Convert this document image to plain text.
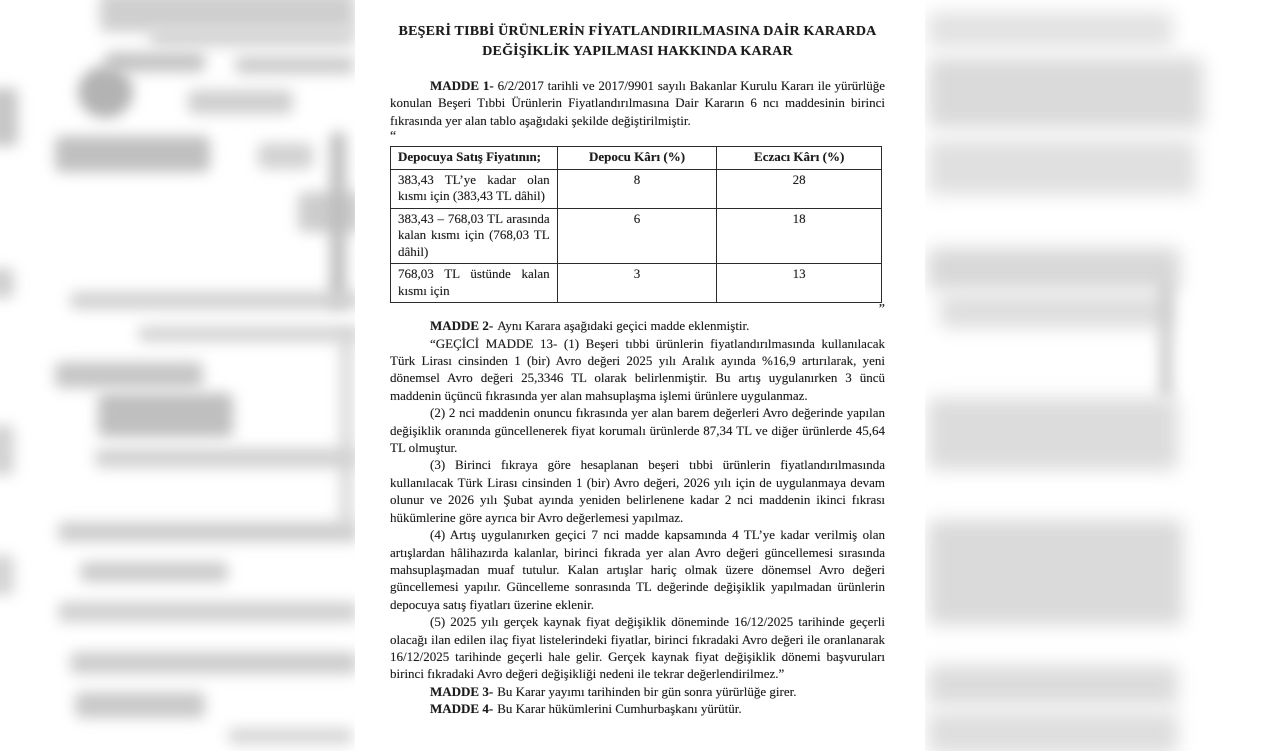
BEŞERİ TIBBİ ÜRÜNLERİN FİYATLANDIRILMASINA DAİR KARARDA
DEĞİŞİKLİK YAPILMASI HAKKINDA KARAR

MADDE 1- 6/2/2017 tarihli ve 2017/9901 sayılı Bakanlar Kurulu Kararı ile yürürlüğe konulan Beşeri Tıbbi Ürünlerin Fiyatlandırılmasına Dair Kararın 6 ncı maddesinin birinci fıkrasında yer alan tablo aşağıdaki şekilde değiştirilmiştir.

“

Depocuya Satış Fiyatının;	Depocu Kârı (%)	Eczacı Kârı (%)
383,43 TL’ye kadar olan kısmı için (383,43 TL dâhil)	8	28
383,43 – 768,03 TL arasında kalan kısmı için (768,03 TL dâhil)	6	18
768,03 TL üstünde kalan kısmı için	3	13

”

MADDE 2- Aynı Karara aşağıdaki geçici madde eklenmiştir.

“GEÇİCİ MADDE 13- (1) Beşeri tıbbi ürünlerin fiyatlandırılmasında kullanılacak Türk Lirası cinsinden 1 (bir) Avro değeri 2025 yılı Aralık ayında %16,9 artırılarak, yeni dönemsel Avro değeri 25,3346 TL olarak belirlenmiştir. Bu artış uygulanırken 3 üncü maddenin üçüncü fıkrasında yer alan mahsuplaşma işlemi ürünlere uygulanmaz.

(2) 2 nci maddenin onuncu fıkrasında yer alan barem değerleri Avro değerinde yapılan değişiklik oranında güncellenerek fiyat korumalı ürünlerde 87,34 TL ve diğer ürünlerde 45,64 TL olmuştur.

(3) Birinci fıkraya göre hesaplanan beşeri tıbbi ürünlerin fiyatlandırılmasında kullanılacak Türk Lirası cinsinden 1 (bir) Avro değeri, 2026 yılı için de uygulanmaya devam olunur ve 2026 yılı Şubat ayında yeniden belirlenene kadar 2 nci maddenin ikinci fıkrası hükümlerine göre ayrıca bir Avro değerlemesi yapılmaz.

(4) Artış uygulanırken geçici 7 nci madde kapsamında 4 TL’ye kadar verilmiş olan artışlardan hâlihazırda kalanlar, birinci fıkrada yer alan Avro değeri güncellemesi sırasında mahsuplaşmadan muaf tutulur. Kalan artışlar hariç olmak üzere dönemsel Avro değeri güncellemesi yapılır. Güncelleme sonrasında TL değerinde değişiklik yapılmadan ürünlerin depocuya satış fiyatları üzerine eklenir.

(5) 2025 yılı gerçek kaynak fiyat değişiklik döneminde 16/12/2025 tarihinde geçerli olacağı ilan edilen ilaç fiyat listelerindeki fiyatlar, birinci fıkradaki Avro değeri ile oranlanarak 16/12/2025 tarihinde geçerli hale gelir. Gerçek kaynak fiyat değişiklik dönemi başvuruları birinci fıkradaki Avro değeri değişikliği nedeni ile tekrar değerlendirilmez.”

MADDE 3- Bu Karar yayımı tarihinden bir gün sonra yürürlüğe girer.

MADDE 4- Bu Karar hükümlerini Cumhurbaşkanı yürütür.
